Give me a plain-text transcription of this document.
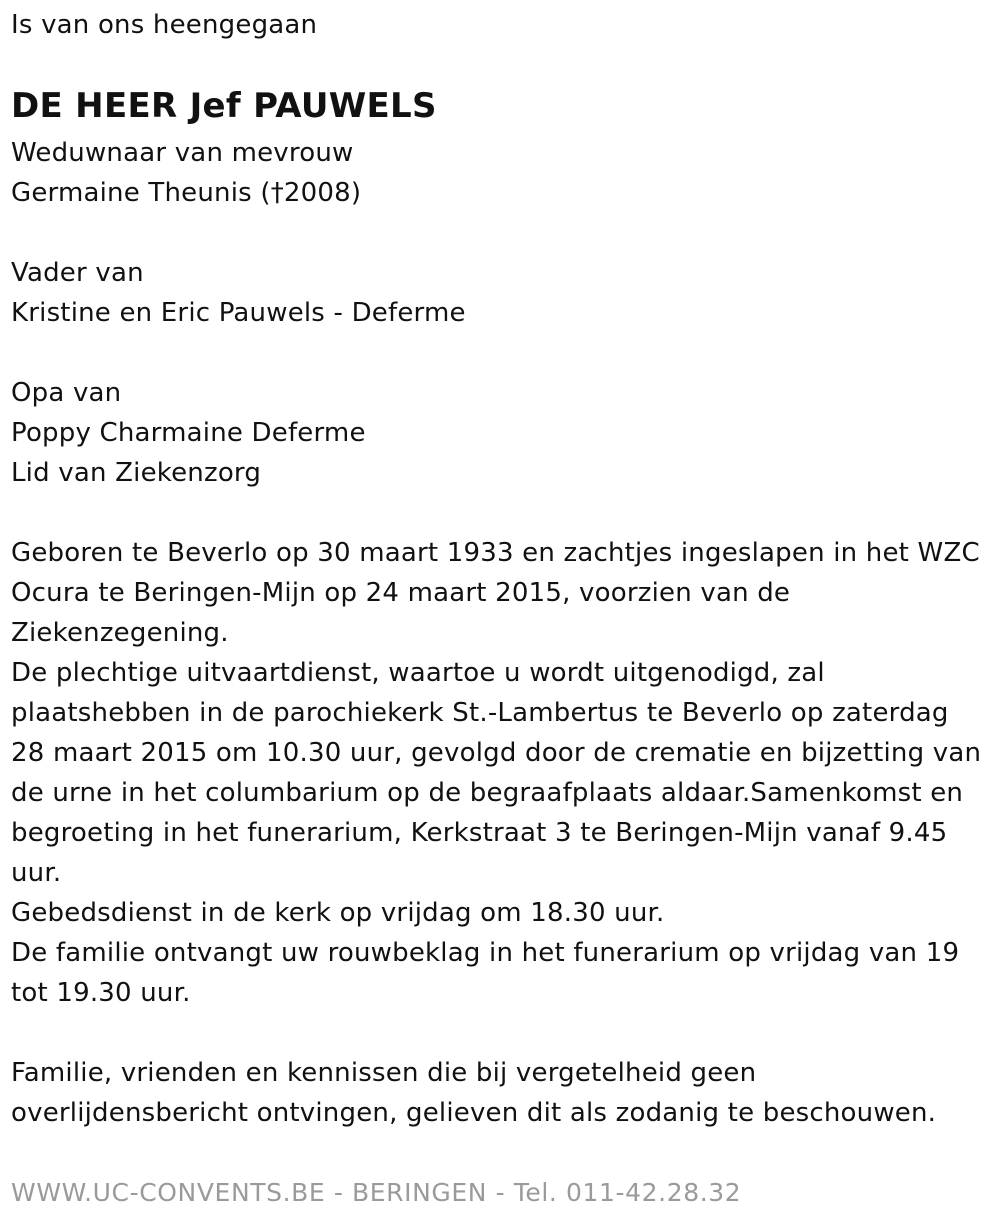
Is van ons heengegaan
DE HEER Jef PAUWELS
Weduwnaar van mevrouw
Germaine Theunis (†2008)
Vader van
Kristine en Eric Pauwels - Deferme
Opa van
Poppy Charmaine Deferme
Lid van Ziekenzorg
Geboren te Beverlo op 30 maart 1933 en zachtjes ingeslapen in het WZC
Ocura te Beringen-Mijn op 24 maart 2015, voorzien van de
Ziekenzegening.
De plechtige uitvaartdienst, waartoe u wordt uitgenodigd, zal
plaatshebben in de parochiekerk St.-Lambertus te Beverlo op zaterdag
28 maart 2015 om 10.30 uur, gevolgd door de crematie en bijzetting van
de urne in het columbarium op de begraafplaats aldaar.Samenkomst en
begroeting in het funerarium, Kerkstraat 3 te Beringen-Mijn vanaf 9.45
uur.
Gebedsdienst in de kerk op vrijdag om 18.30 uur.
De familie ontvangt uw rouwbeklag in het funerarium op vrijdag van 19
tot 19.30 uur.
Familie, vrienden en kennissen die bij vergetelheid geen
overlijdensbericht ontvingen, gelieven dit als zodanig te beschouwen.
WWW.UC-CONVENTS.BE - BERINGEN - Tel. 011-42.28.32
